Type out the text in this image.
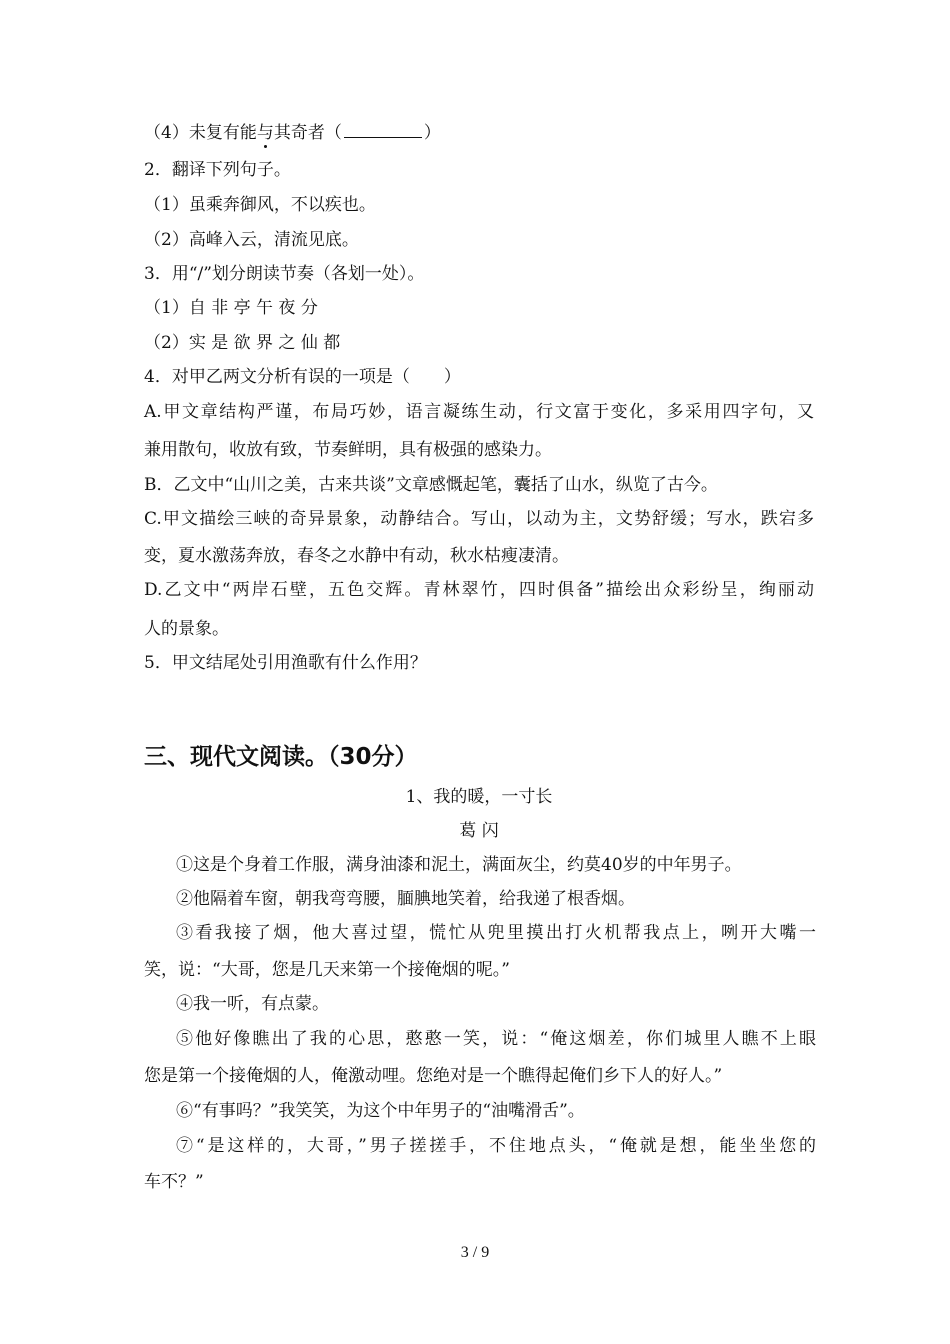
（4）未复有能与其奇者（	）
2．翻译下列句子。
（1）虽乘奔御风，不以疾也。
（2）高峰入云，清流见底。
3．用“/”划分朗读节奏（各划一处）。
（1）自 非 亭 午 夜 分
（2）实 是 欲 界 之 仙 都
4．对甲乙两文分析有误的一项是（　　）
A.甲文章结构严谨，布局巧妙，语言凝练生动，行文富于变化，多采用四字句，又
兼用散句，收放有致，节奏鲜明，具有极强的感染力。
B．乙文中“山川之美，古来共谈”文章感慨起笔，囊括了山水，纵览了古今。
C.甲文描绘三峡的奇异景象，动静结合。写山，以动为主，文势舒缓；写水，跌宕多
变，夏水激荡奔放，春冬之水静中有动，秋水枯瘦凄清。
D.乙文中“两岸石壁，五色交辉。青林翠竹，四时俱备”描绘出众彩纷呈，绚丽动
人的景象。
5．甲文结尾处引用渔歌有什么作用？
三、现代文阅读。（30分）
1、我的暖，一寸长
葛 闪
①这是个身着工作服，满身油漆和泥土，满面灰尘，约莫40岁的中年男子。
②他隔着车窗，朝我弯弯腰，腼腆地笑着，给我递了根香烟。
③看我接了烟，他大喜过望，慌忙从兜里摸出打火机帮我点上，咧开大嘴一
笑，说：“大哥，您是几天来第一个接俺烟的呢。”
④我一听，有点蒙。
⑤他好像瞧出了我的心思，憨憨一笑，说：“俺这烟差，你们城里人瞧不上眼
您是第一个接俺烟的人，俺激动哩。您绝对是一个瞧得起俺们乡下人的好人。”
⑥“有事吗？”我笑笑，为这个中年男子的“油嘴滑舌”。
⑦“是这样的，大哥，”男子搓搓手，不住地点头，“俺就是想，能坐坐您的
车不？”
3 / 9
